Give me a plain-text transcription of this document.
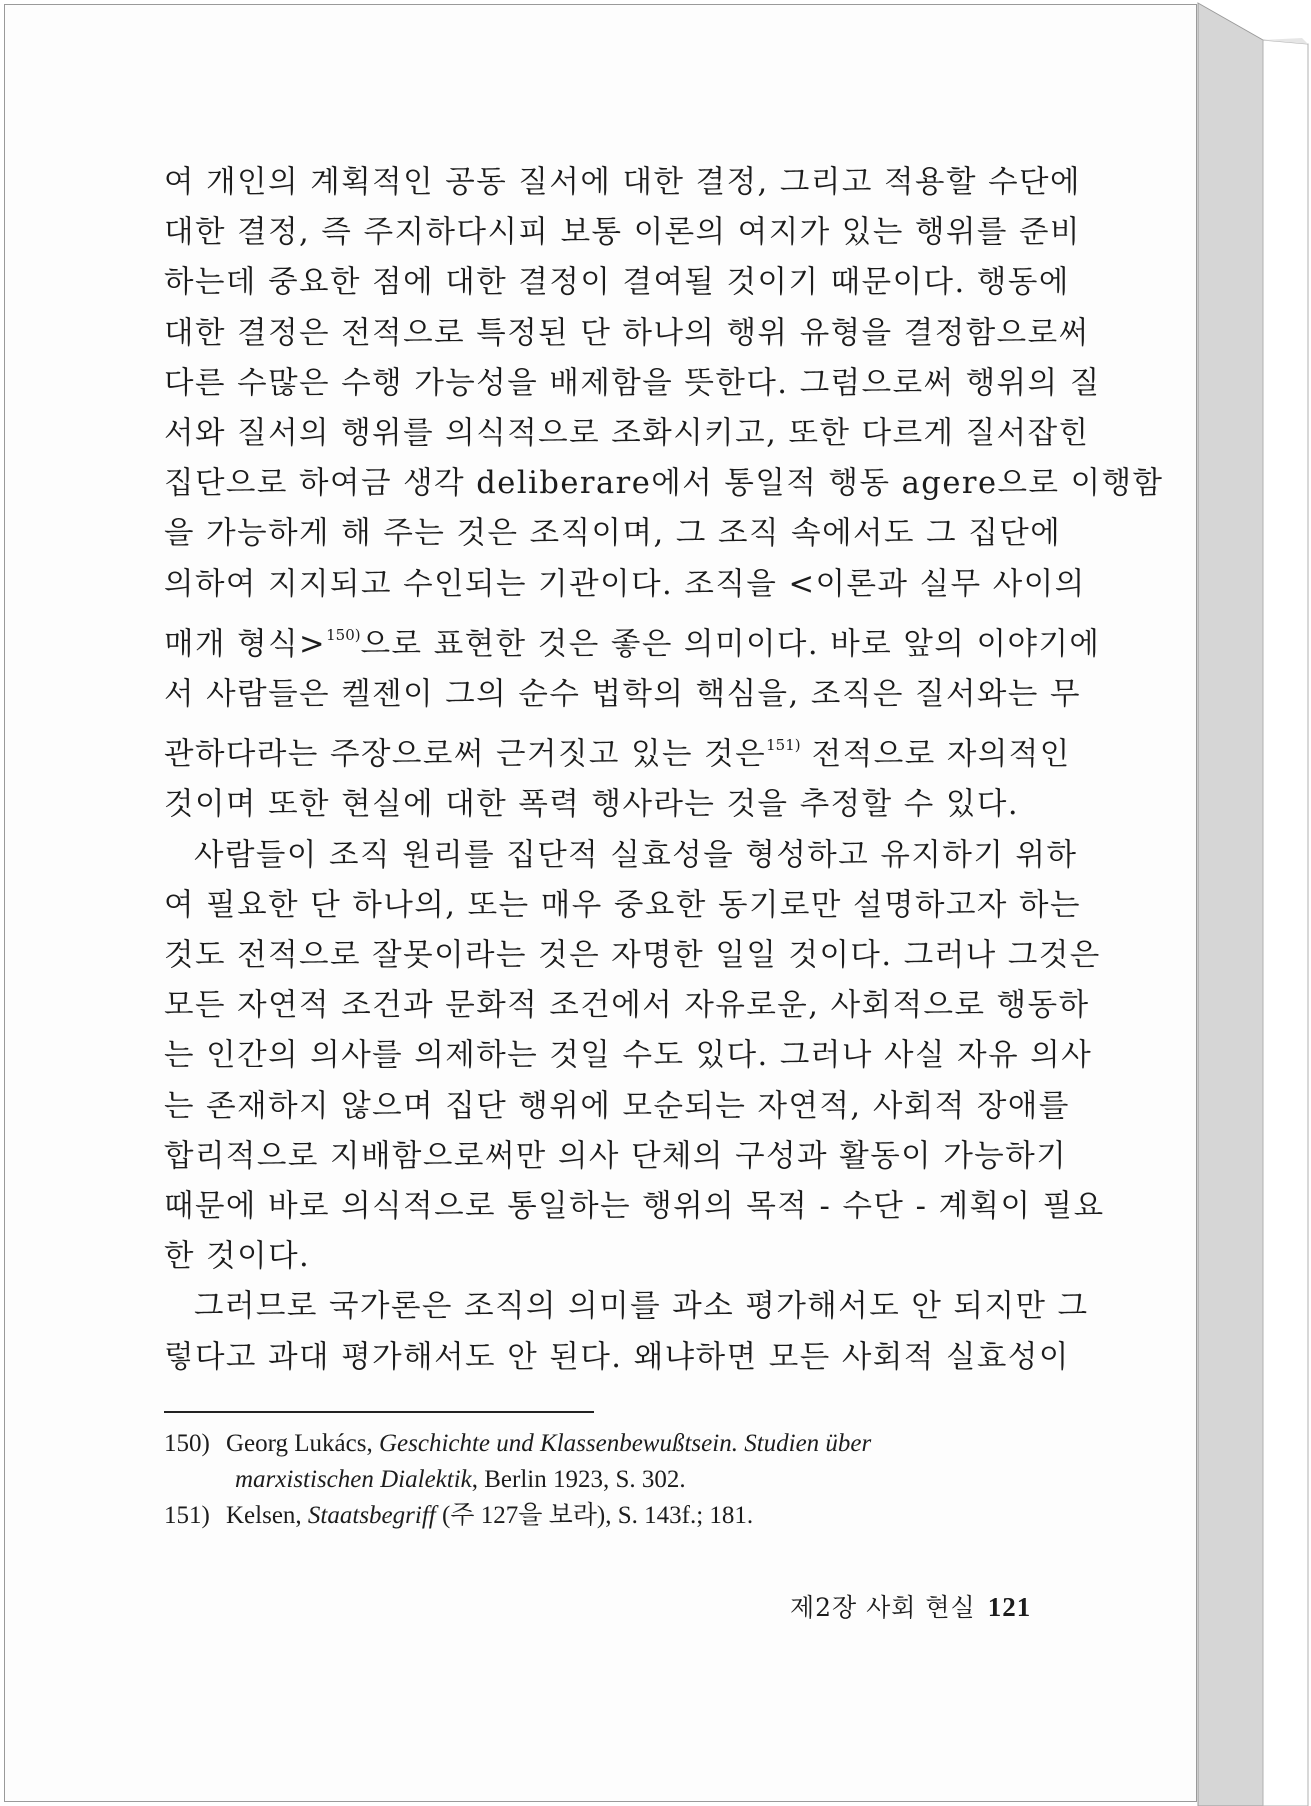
여 개인의 계획적인 공동 질서에 대한 결정, 그리고 적용할 수단에
대한 결정, 즉 주지하다시피 보통 이론의 여지가 있는 행위를 준비
하는데 중요한 점에 대한 결정이 결여될 것이기 때문이다. 행동에
대한 결정은 전적으로 특정된 단 하나의 행위 유형을 결정함으로써
다른 수많은 수행 가능성을 배제함을 뜻한다. 그럼으로써 행위의 질
서와 질서의 행위를 의식적으로 조화시키고, 또한 다르게 질서잡힌
집단으로 하여금 생각 deliberare에서 통일적 행동 agere으로 이행함
을 가능하게 해 주는 것은 조직이며, 그 조직 속에서도 그 집단에
의하여 지지되고 수인되는 기관이다. 조직을 <이론과 실무 사이의
매개 형식>$^{150)}$으로 표현한 것은 좋은 의미이다. 바로 앞의 이야기에
서 사람들은 켈젠이 그의 순수 법학의 핵심을, 조직은 질서와는 무
관하다라는 주장으로써 근거짓고 있는 것은$^{151)}$ 전적으로 자의적인
것이며 또한 현실에 대한 폭력 행사라는 것을 추정할 수 있다.

사람들이 조직 원리를 집단적 실효성을 형성하고 유지하기 위하
여 필요한 단 하나의, 또는 매우 중요한 동기로만 설명하고자 하는
것도 전적으로 잘못이라는 것은 자명한 일일 것이다. 그러나 그것은
모든 자연적 조건과 문화적 조건에서 자유로운, 사회적으로 행동하
는 인간의 의사를 의제하는 것일 수도 있다. 그러나 사실 자유 의사
는 존재하지 않으며 집단 행위에 모순되는 자연적, 사회적 장애를
합리적으로 지배함으로써만 의사 단체의 구성과 활동이 가능하기
때문에 바로 의식적으로 통일하는 행위의 목적 - 수단 - 계획이 필요
한 것이다.

그러므로 국가론은 조직의 의미를 과소 평가해서도 안 되지만 그
렇다고 과대 평가해서도 안 된다. 왜냐하면 모든 사회적 실효성이

150) Georg Lukács, Geschichte und Klassenbewußtsein. Studien über
marxistischen Dialektik, Berlin 1923, S. 302.
151) Kelsen, Staatsbegriff (주 127을 보라), S. 143f.; 181.
제2장 사회 현실 121
